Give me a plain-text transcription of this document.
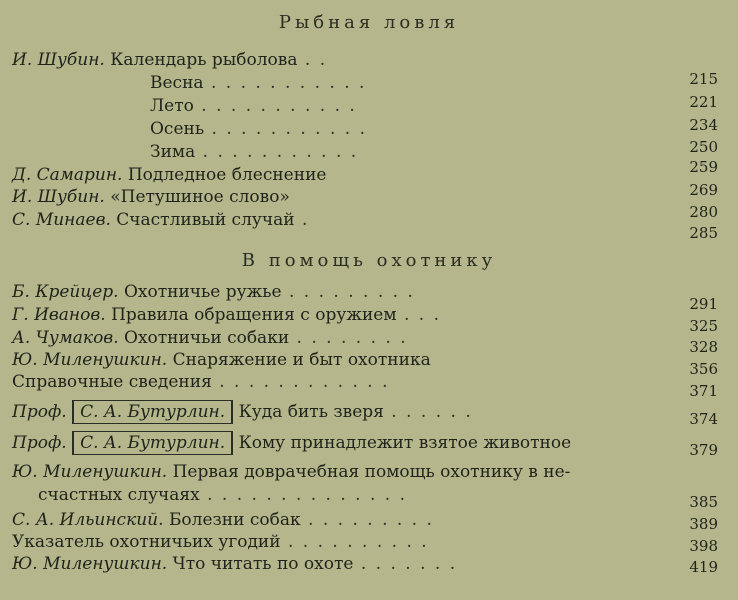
Рыбная ловля
И. Шубин. Календарь рыболова . .
Весна . . . . . . . . . . .
Лето . . . . . . . . . . .
Осень . . . . . . . . . . .
Зима . . . . . . . . . . .
Д. Самарин. Подледное блеснение
И. Шубин. «Петушиное слово»
С. Минаев. Счастливый случай .
215
221
234
250
259
269
280
285
В помощь охотнику
Б. Крейцер. Охотничье ружье . . . . . . . . .
Г. Иванов. Правила обращения с оружием . . .
А. Чумаков. Охотничьи собаки . . . . . . . .
Ю. Миленушкин. Снаряжение и быт охотника
Справочные сведения . . . . . . . . . . . .
Проф. С. А. Бутурлин. Куда бить зверя . . . . . .
Проф. С. А. Бутурлин. Кому принадлежит взятое животное
Ю. Миленушкин. Первая доврачебная помощь охотнику в не-
счастных случаях . . . . . . . . . . . . . .
С. А. Ильинский. Болезни собак . . . . . . . . .
Указатель охотничьих угодий . . . . . . . . . .
Ю. Миленушкин. Что читать по охоте . . . . . . .
291
325
328
356
371
374
379
385
389
398
419
